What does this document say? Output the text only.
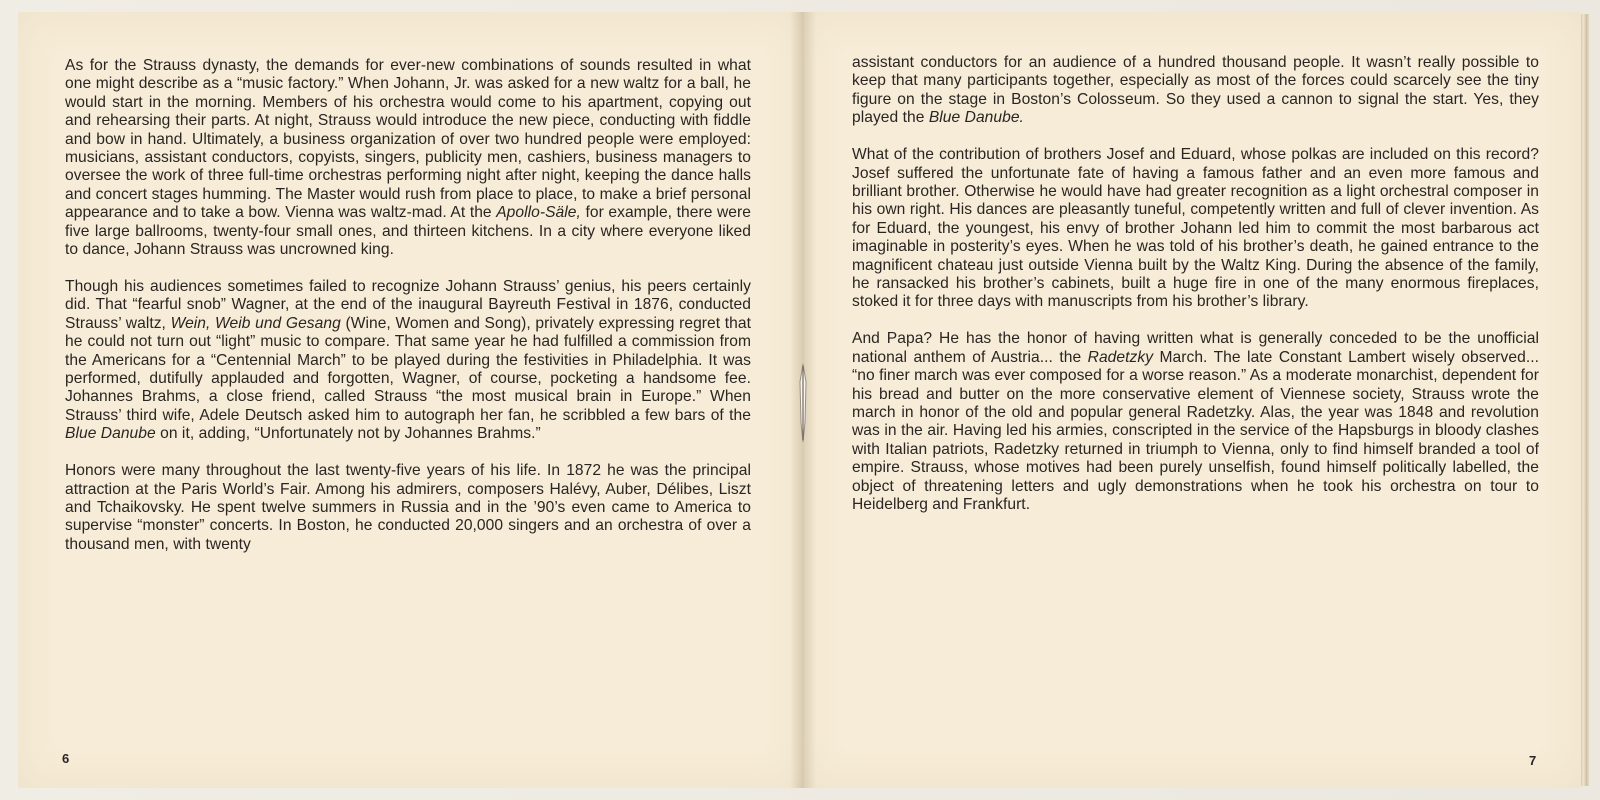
As for the Strauss dynasty, the demands for ever-new combinations of sounds resulted in what one might describe as a “music factory.” When Johann, Jr. was asked for a new waltz for a ball, he would start in the morning. Members of his orchestra would come to his apartment, copying out and rehearsing their parts. At night, Strauss would introduce the new piece, conducting with fiddle and bow in hand. Ultimately, a business organization of over two hundred people were employed: musicians, assistant conductors, copyists, singers, publicity men, cashiers, business managers to oversee the work of three full-time orchestras performing night after night, keeping the dance halls and concert stages humming. The Master would rush from place to place, to make a brief personal appearance and to take a bow. Vienna was waltz-mad. At the Apollo-Säle, for example, there were five large ballrooms, twenty-four small ones, and thirteen kitchens. In a city where everyone liked to dance, Johann Strauss was uncrowned king.

Though his audiences sometimes failed to recognize Johann Strauss’ genius, his peers certainly did. That “fearful snob” Wagner, at the end of the inaugural Bayreuth Festival in 1876, conducted Strauss’ waltz, Wein, Weib und Gesang (Wine, Women and Song), privately expressing regret that he could not turn out “light” music to compare. That same year he had fulfilled a commission from the Americans for a “Centennial March” to be played during the festivities in Philadelphia. It was performed, dutifully applauded and forgotten, Wagner, of course, pocketing a handsome fee. Johannes Brahms, a close friend, called Strauss “the most musical brain in Europe.” When Strauss’ third wife, Adele Deutsch asked him to autograph her fan, he scribbled a few bars of the Blue Danube on it, adding, “Unfortunately not by Johannes Brahms.”

Honors were many throughout the last twenty-five years of his life. In 1872 he was the principal attraction at the Paris World’s Fair. Among his admirers, composers Halévy, Auber, Délibes, Liszt and Tchaikovsky. He spent twelve summers in Russia and in the ’90’s even came to America to supervise “monster” concerts. In Boston, he conducted 20,000 singers and an orchestra of over a thousand men, with twenty

assistant conductors for an audience of a hundred thousand people. It wasn’t really possible to keep that many participants together, especially as most of the forces could scarcely see the tiny figure on the stage in Boston’s Colosseum. So they used a cannon to signal the start. Yes, they played the Blue Danube.

What of the contribution of brothers Josef and Eduard, whose polkas are included on this record? Josef suffered the unfortunate fate of having a famous father and an even more famous and brilliant brother. Otherwise he would have had greater recognition as a light orchestral composer in his own right. His dances are pleasantly tuneful, competently written and full of clever invention. As for Eduard, the youngest, his envy of brother Johann led him to commit the most barbarous act imaginable in posterity’s eyes. When he was told of his brother’s death, he gained entrance to the magnificent chateau just outside Vienna built by the Waltz King. During the absence of the family, he ransacked his brother’s cabinets, built a huge fire in one of the many enormous fireplaces, stoked it for three days with manuscripts from his brother’s library.

And Papa? He has the honor of having written what is generally conceded to be the unofficial national anthem of Austria... the Radetzky March. The late Constant Lambert wisely observed... “no finer march was ever composed for a worse reason.” As a moderate monarchist, dependent for his bread and butter on the more conservative element of Viennese society, Strauss wrote the march in honor of the old and popular general Radetzky. Alas, the year was 1848 and revolution was in the air. Having led his armies, conscripted in the service of the Hapsburgs in bloody clashes with Italian patriots, Radetzky returned in triumph to Vienna, only to find himself branded a tool of empire. Strauss, whose motives had been purely unselfish, found himself politically labelled, the object of threatening letters and ugly demonstrations when he took his orchestra on tour to Heidelberg and Frankfurt.

6	7
